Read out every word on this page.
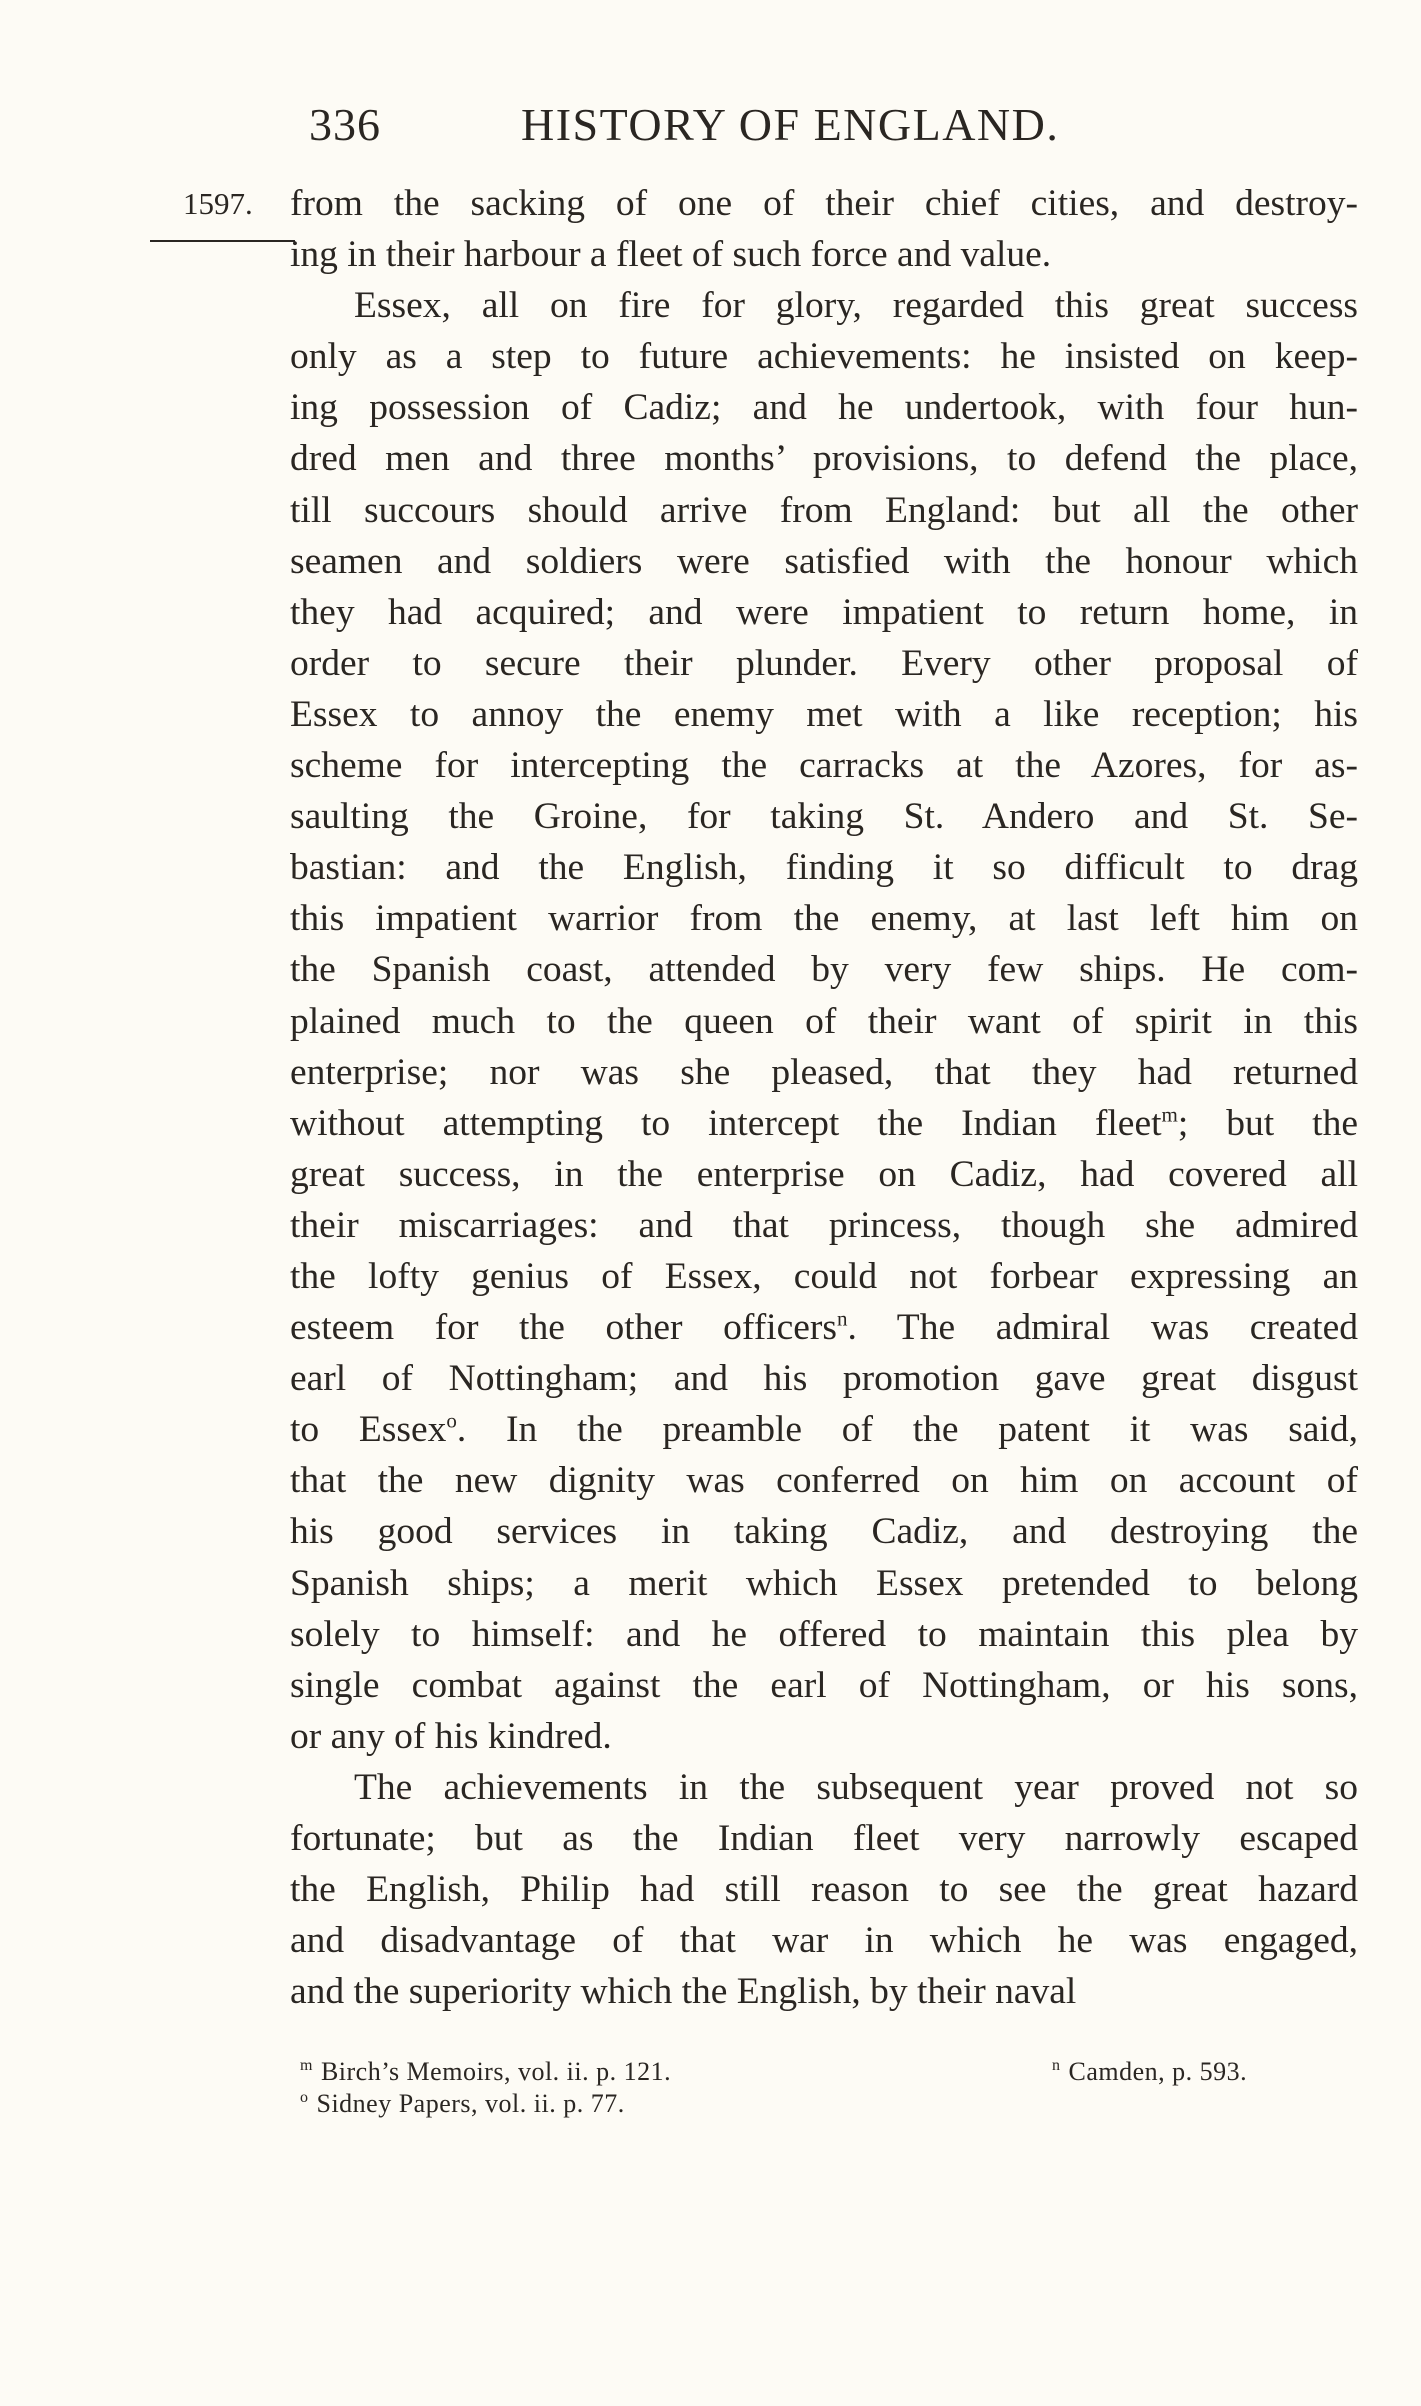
336	HISTORY OF ENGLAND.
1597. from the sacking of one of their chief cities, and destroy-
ing in their harbour a fleet of such force and value.
Essex, all on fire for glory, regarded this great success
only as a step to future achievements: he insisted on keep-
ing possession of Cadiz; and he undertook, with four hun-
dred men and three months’ provisions, to defend the place,
till succours should arrive from England: but all the other
seamen and soldiers were satisfied with the honour which
they had acquired; and were impatient to return home, in
order to secure their plunder. Every other proposal of
Essex to annoy the enemy met with a like reception; his
scheme for intercepting the carracks at the Azores, for as-
saulting the Groine, for taking St. Andero and St. Se-
bastian: and the English, finding it so difficult to drag
this impatient warrior from the enemy, at last left him on
the Spanish coast, attended by very few ships. He com-
plained much to the queen of their want of spirit in this
enterprise; nor was she pleased, that they had returned
without attempting to intercept the Indian fleet$^m$; but the
great success, in the enterprise on Cadiz, had covered all
their miscarriages: and that princess, though she admired
the lofty genius of Essex, could not forbear expressing an
esteem for the other officers$^n$. The admiral was created
earl of Nottingham; and his promotion gave great disgust
to Essex$^o$. In the preamble of the patent it was said,
that the new dignity was conferred on him on account of
his good services in taking Cadiz, and destroying the
Spanish ships; a merit which Essex pretended to belong
solely to himself: and he offered to maintain this plea by
single combat against the earl of Nottingham, or his sons,
or any of his kindred.
The achievements in the subsequent year proved not so
fortunate; but as the Indian fleet very narrowly escaped
the English, Philip had still reason to see the great hazard
and disadvantage of that war in which he was engaged,
and the superiority which the English, by their naval
$^m$ Birch’s Memoirs, vol. ii. p. 121.	$^n$ Camden, p. 593.
$^o$ Sidney Papers, vol. ii. p. 77.
